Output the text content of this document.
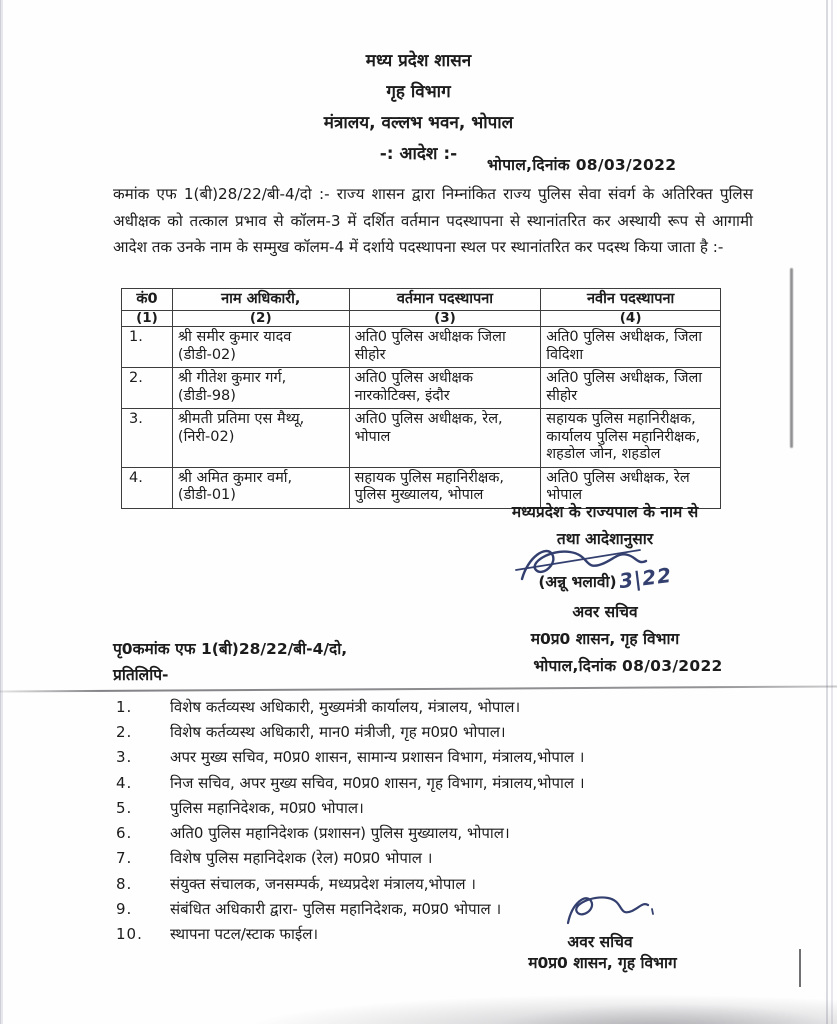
मध्य प्रदेश शासन
गृह विभाग
मंत्रालय, वल्लभ भवन, भोपाल
-: आदेश :-
भोपाल,दिनांक 08/03/2022
कमांक एफ 1(बी)28/22/बी-4/दो :- राज्य शासन द्वारा निम्नांकित राज्य पुलिस सेवा संवर्ग के अतिरिक्त पुलिस अधीक्षक को तत्काल प्रभाव से कॉलम-3 में दर्शित वर्तमान पदस्थापना से स्थानांतरित कर अस्थायी रूप से आगामी आदेश तक उनके नाम के सम्मुख कॉलम-4 में दर्शाये पदस्थापना स्थल पर स्थानांतरित कर पदस्थ किया जाता है :-
कं0	नाम अधिकारी,	वर्तमान पदस्थापना	नवीन पदस्थापना
(1)	(2)	(3)	(4)
1.	श्री समीर कुमार यादव (डीडी-02)	अति0 पुलिस अधीक्षक जिला सीहोर	अति0 पुलिस अधीक्षक, जिला विदिशा
2.	श्री गीतेश कुमार गर्ग, (डीडी-98)	अति0 पुलिस अधीक्षक नारकोटिक्स, इंदौर	अति0 पुलिस अधीक्षक, जिला सीहोर
3.	श्रीमती प्रतिमा एस मैथ्यू, (निरी-02)	अति0 पुलिस अधीक्षक, रेल, भोपाल	सहायक पुलिस महानिरीक्षक, कार्यालय पुलिस महानिरीक्षक, शहडोल जोन, शहडोल
4.	श्री अमित कुमार वर्मा, (डीडी-01)	सहायक पुलिस महानिरीक्षक, पुलिस मुख्यालय, भोपाल	अति0 पुलिस अधीक्षक, रेल भोपाल
मध्यप्रदेश के राज्यपाल के नाम से
तथा आदेशानुसार
(अन्नू भलावी) 3|22
अवर सचिव
म0प्र0 शासन, गृह विभाग
भोपाल,दिनांक 08/03/2022
पृ0कमांक एफ 1(बी)28/22/बी-4/दो,
प्रतिलिपि-
1.	विशेष कर्तव्यस्थ अधिकारी, मुख्यमंत्री कार्यालय, मंत्रालय, भोपाल।
2.	विशेष कर्तव्यस्थ अधिकारी, मान0 मंत्रीजी, गृह म0प्र0 भोपाल।
3.	अपर मुख्य सचिव, म0प्र0 शासन, सामान्य प्रशासन विभाग, मंत्रालय,भोपाल ।
4.	निज सचिव, अपर मुख्य सचिव, म0प्र0 शासन, गृह विभाग, मंत्रालय,भोपाल ।
5.	पुलिस महानिदेशक, म0प्र0 भोपाल।
6.	अति0 पुलिस महानिदेशक (प्रशासन) पुलिस मुख्यालय, भोपाल।
7.	विशेष पुलिस महानिदेशक (रेल) म0प्र0 भोपाल ।
8.	संयुक्त संचालक, जनसम्पर्क, मध्यप्रदेश मंत्रालय,भोपाल ।
9.	संबंधित अधिकारी द्वारा- पुलिस महानिदेशक, म0प्र0 भोपाल ।
10.	स्थापना पटल/स्टाक फाईल।	अवर सचिव
म0प्र0 शासन, गृह विभाग
